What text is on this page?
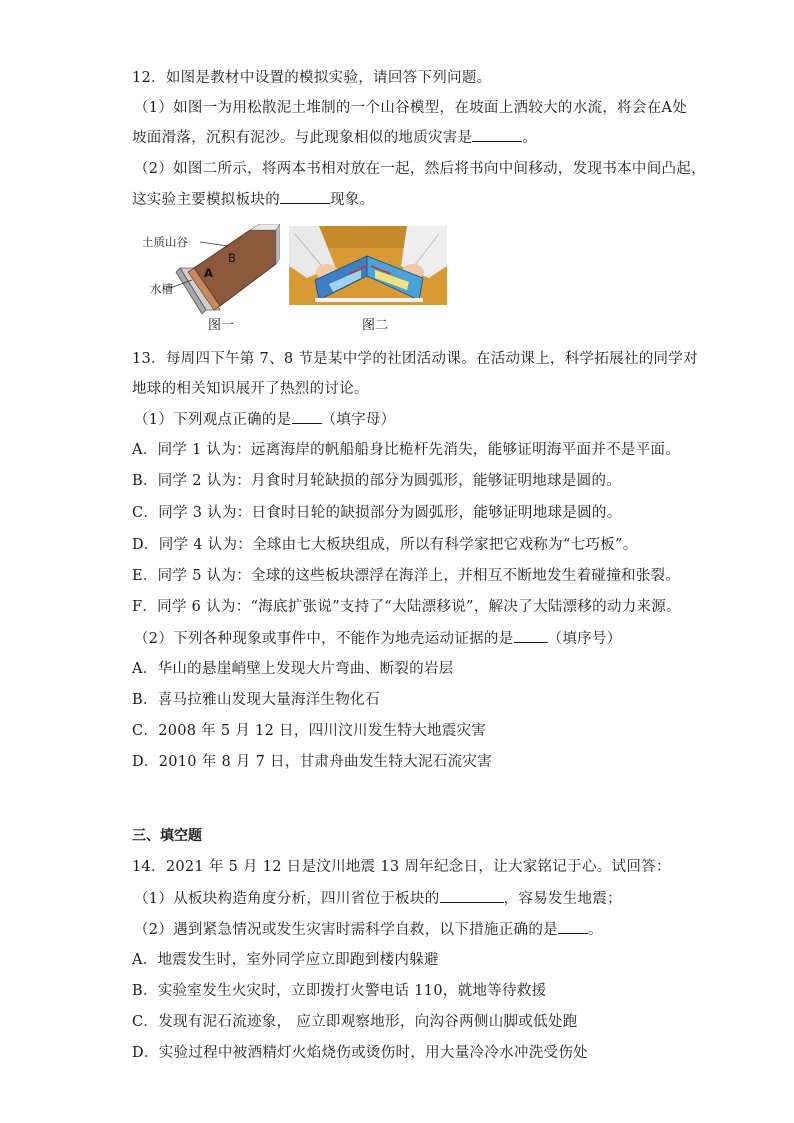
12．如图是教材中设置的模拟实验，请回答下列问题。
（1）如图一为用松散泥土堆制的一个山谷模型，在坡面上洒较大的水流，将会在A处
坡面滑落，沉积有泥沙。与此现象相似的地质灾害是	。
（2）如图二所示，将两本书相对放在一起，然后将书向中间移动，发现书本中间凸起，
这实验主要模拟板块的	现象。
土质山谷
水槽
A
B
图一	图二
13．每周四下午第 7、8 节是某中学的社团活动课。在活动课上，科学拓展社的同学对
地球的相关知识展开了热烈的讨论。
（1）下列观点正确的是 （填字母）
A．同学 1 认为：远离海岸的帆船船身比桅杆先消失，能够证明海平面并不是平面。
B．同学 2 认为：月食时月轮缺损的部分为圆弧形，能够证明地球是圆的。
C．同学 3 认为：日食时日轮的缺损部分为圆弧形，能够证明地球是圆的。
D．同学 4 认为：全球由七大板块组成，所以有科学家把它戏称为“七巧板”。
E．同学 5 认为：全球的这些板块漂浮在海洋上，并相互不断地发生着碰撞和张裂。
F．同学 6 认为：“海底扩张说”支持了“大陆漂移说”，解决了大陆漂移的动力来源。
（2）下列各种现象或事件中，不能作为地壳运动证据的是 （填序号）
A．华山的悬崖峭壁上发现大片弯曲、断裂的岩层
B．喜马拉雅山发现大量海洋生物化石
C．2008 年 5 月 12 日，四川汶川发生特大地震灾害
D．2010 年 8 月 7 日，甘肃舟曲发生特大泥石流灾害
三、填空题
14．2021 年 5 月 12 日是汶川地震 13 周年纪念日，让大家铭记于心。试回答：
（1）从板块构造角度分析，四川省位于板块的	，容易发生地震；
（2）遇到紧急情况或发生灾害时需科学自救，以下措施正确的是 。
A．地震发生时，室外同学应立即跑到楼内躲避
B．实验室发生火灾时，立即拨打火警电话 110，就地等待救援
C．发现有泥石流迹象， 应立即观察地形，向沟谷两侧山脚或低处跑
D．实验过程中被酒精灯火焰烧伤或烫伤时，用大量冷冷水冲洗受伤处
